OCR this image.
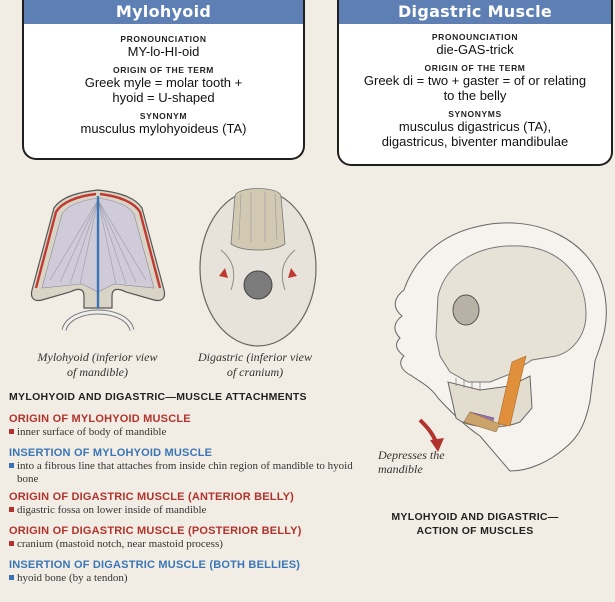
Mylohyoid
PRONOUNCIATION
MY-lo-HI-oid
ORIGIN OF THE TERM
Greek myle = molar tooth +
hyoid = U-shaped
SYNONYM
musculus mylohyoideus (TA)
Digastric Muscle
PRONOUNCIATION
die-GAS-trick
ORIGIN OF THE TERM
Greek di = two + gaster = of or relating
to the belly
SYNONYMS
musculus digastricus (TA),
digastricus, biventer mandibulae
Mylohyoid (inferior view
of mandible)
Digastric (inferior view
of cranium)
Depresses the
mandible
MYLOHYOID AND DIGASTRIC—MUSCLE ATTACHMENTS
ORIGIN OF MYLOHYOID MUSCLE
inner surface of body of mandible
INSERTION OF MYLOHYOID MUSCLE
into a fibrous line that attaches from inside chin region of mandible to hyoid bone
ORIGIN OF DIGASTRIC MUSCLE (ANTERIOR BELLY)
digastric fossa on lower inside of mandible
ORIGIN OF DIGASTRIC MUSCLE (POSTERIOR BELLY)
cranium (mastoid notch, near mastoid process)
INSERTION OF DIGASTRIC MUSCLE (BOTH BELLIES)
hyoid bone (by a tendon)
MYLOHYOID AND DIGASTRIC—
ACTION OF MUSCLES
